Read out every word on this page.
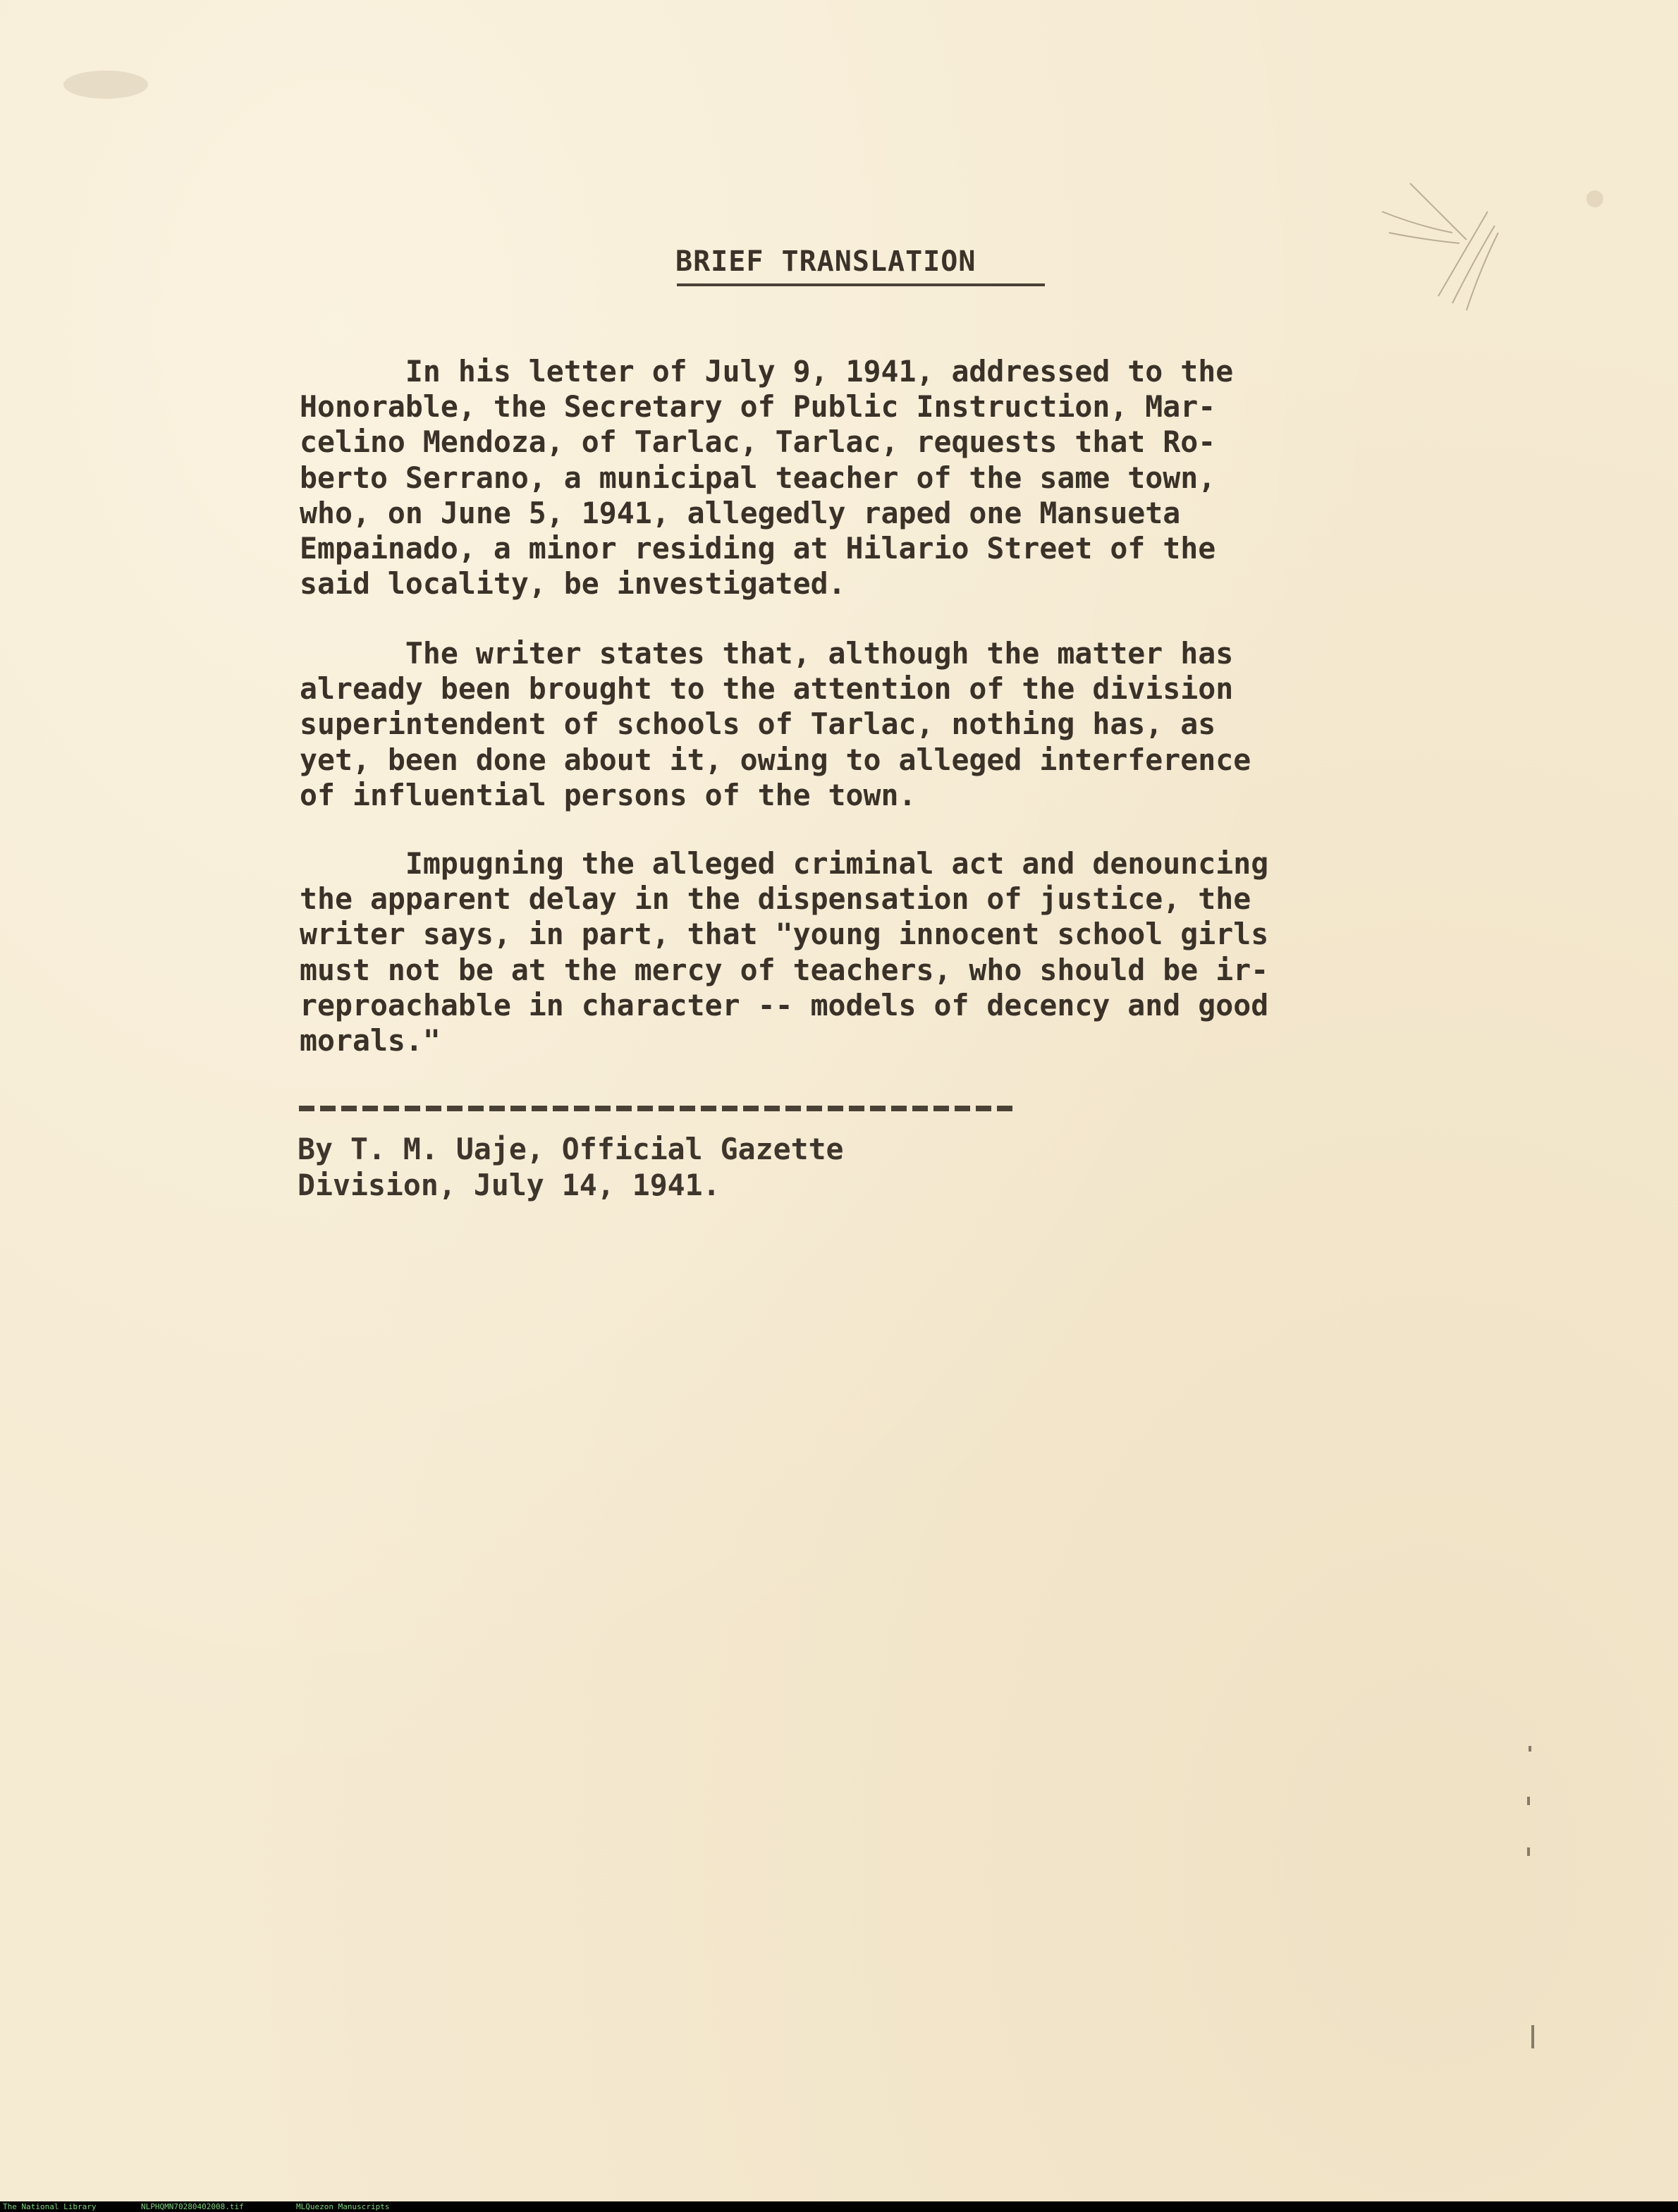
BRIEF TRANSLATION

In his letter of July 9, 1941, addressed to the
Honorable, the Secretary of Public Instruction, Mar-
celino Mendoza, of Tarlac, Tarlac, requests that Ro-
berto Serrano, a municipal teacher of the same town,
who, on June 5, 1941, allegedly raped one Mansueta
Empainado, a minor residing at Hilario Street of the
said locality, be investigated.

The writer states that, although the matter has
already been brought to the attention of the division
superintendent of schools of Tarlac, nothing has, as
yet, been done about it, owing to alleged interference
of influential persons of the town.

Impugning the alleged criminal act and denouncing
the apparent delay in the dispensation of justice, the
writer says, in part, that "young innocent school girls
must not be at the mercy of teachers, who should be ir-
reproachable in character -- models of decency and good
morals."

By T. M. Uaje, Official Gazette
Division, July 14, 1941.

The National Library	NLPHQMN70280402008.tif	MLQuezon Manuscripts
